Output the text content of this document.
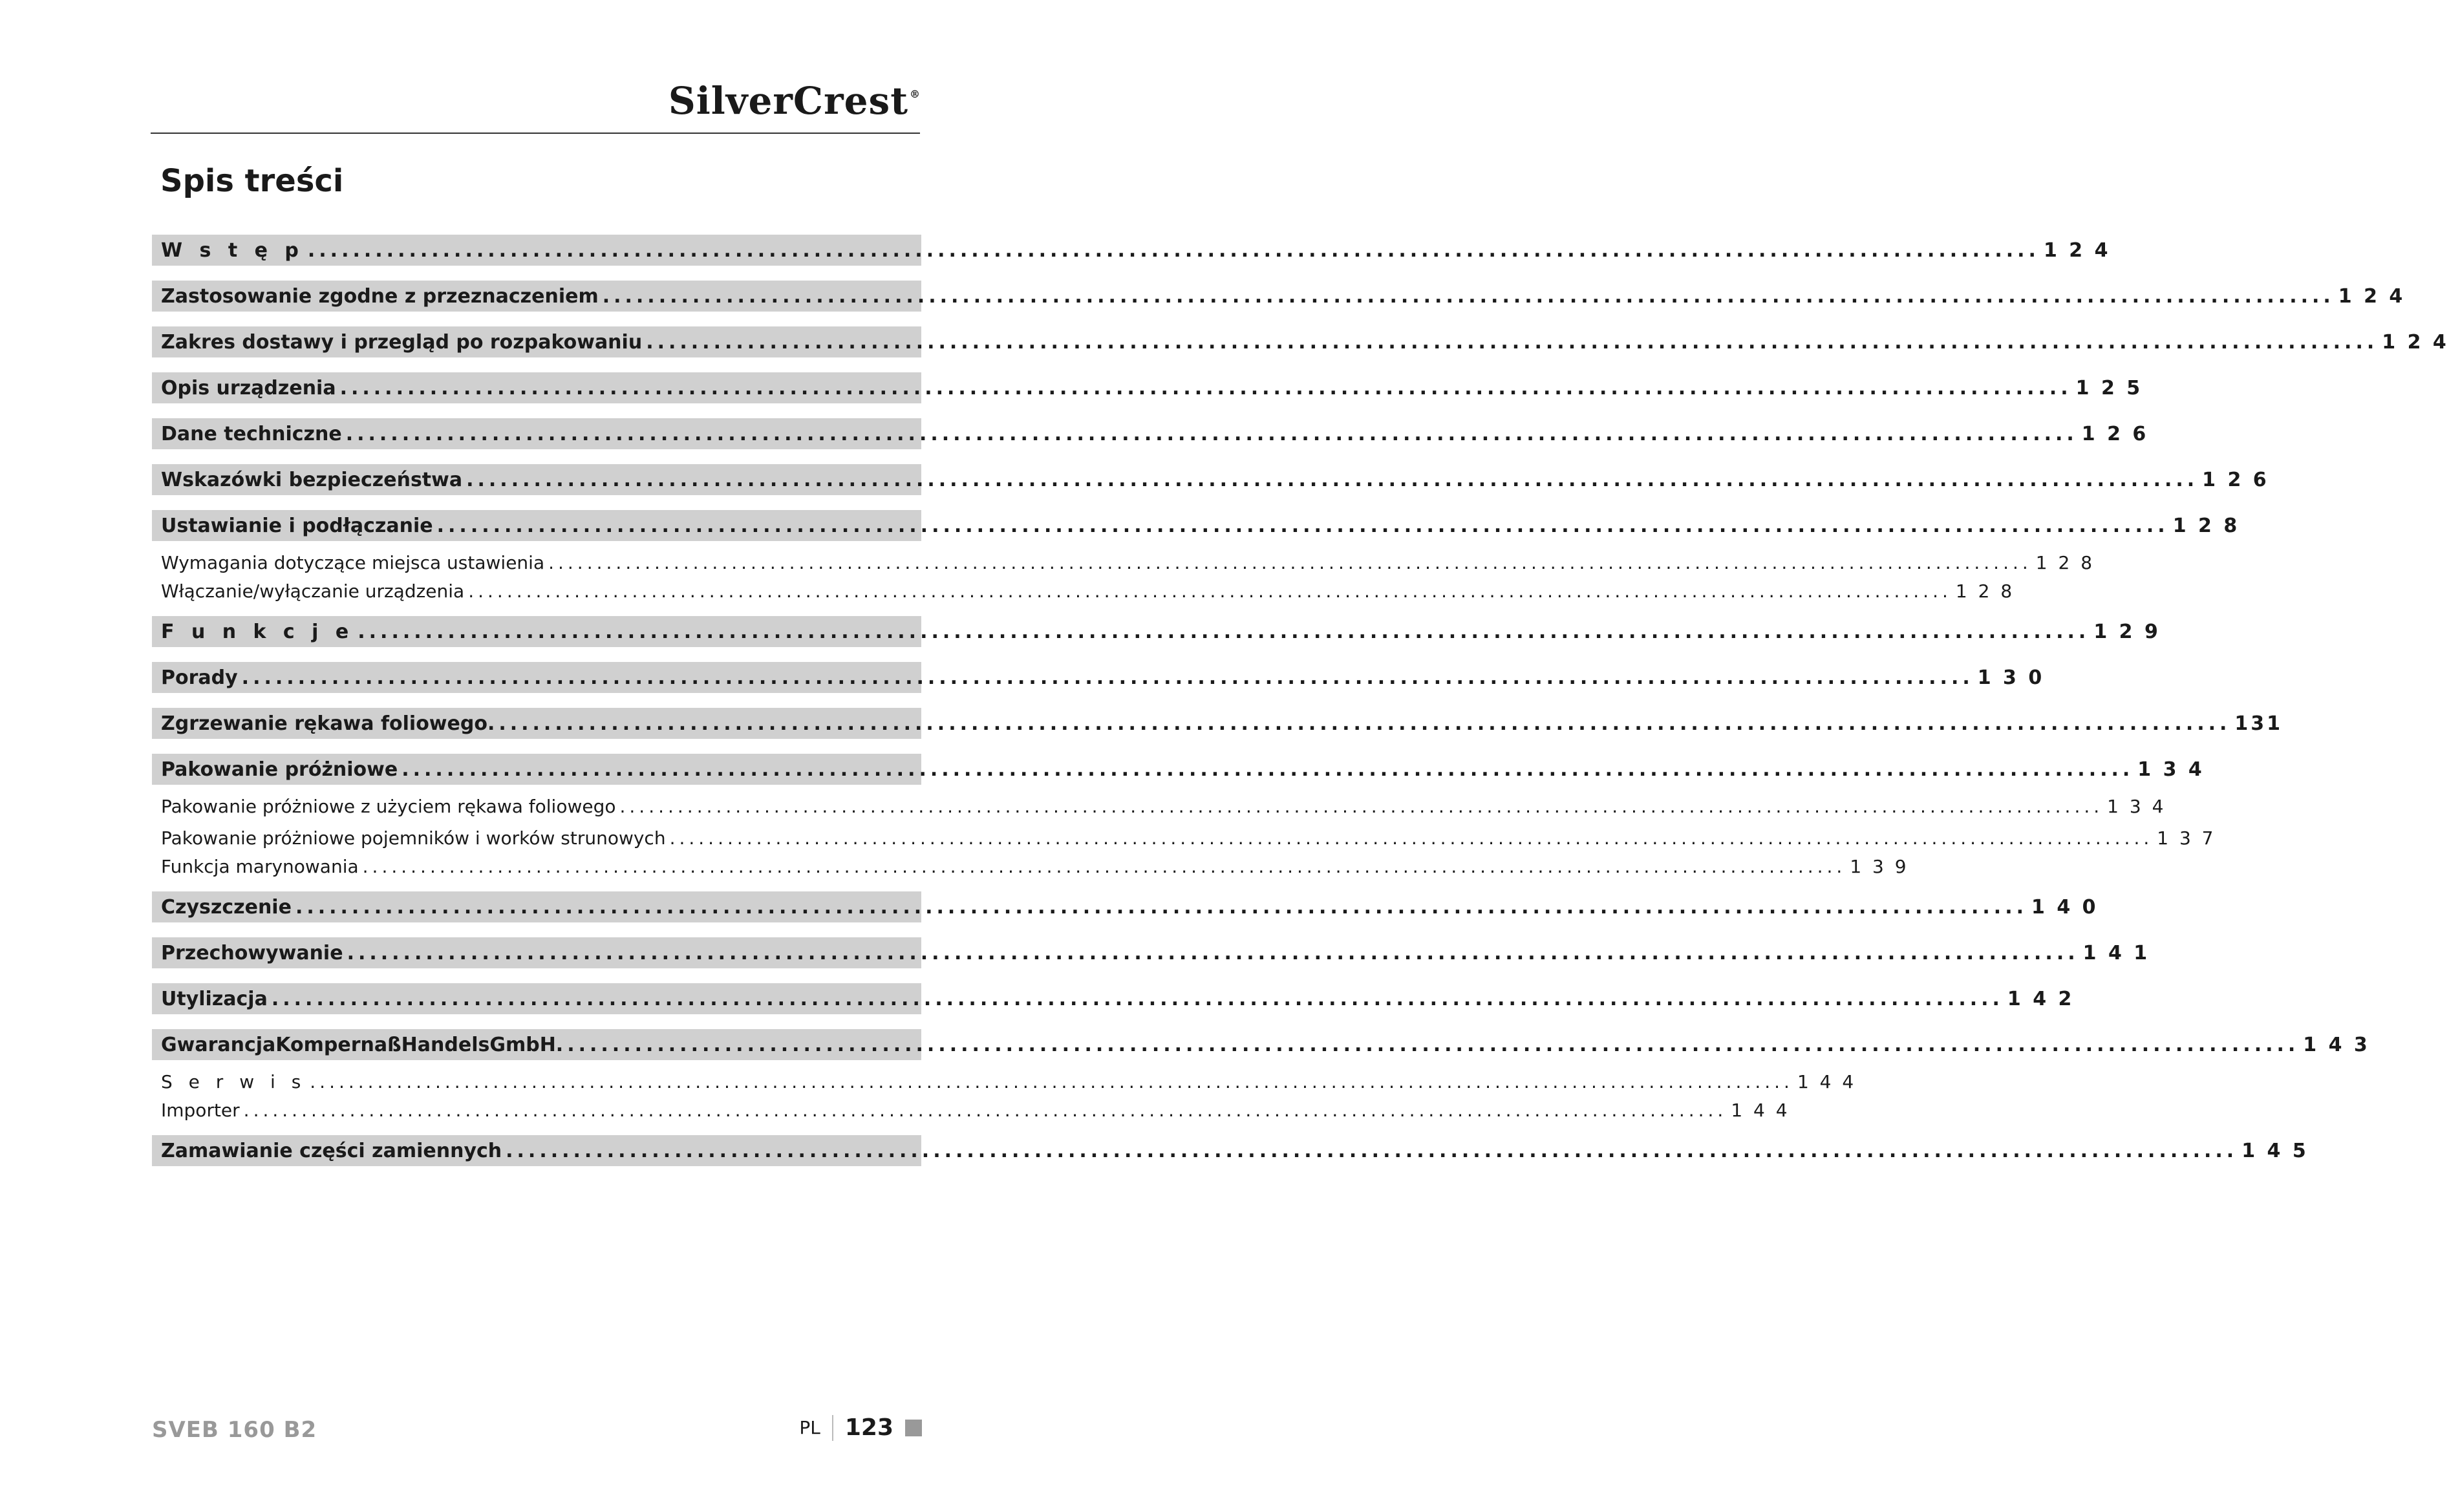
SilverCrest ®
Spis treści
W s t ę p .......................................................................................................................................................... 1 2 4
Zastosowanie zgodne z przeznaczeniem .......................................................................................................................................................... 1 2 4
Zakres dostawy i przegląd po rozpakowaniu .......................................................................................................................................................... 1 2 4
Opis urządzenia .......................................................................................................................................................... 1 2 5
Dane techniczne .......................................................................................................................................................... 1 2 6
Wskazówki bezpieczeństwa .......................................................................................................................................................... 1 2 6
Ustawianie i podłączanie .......................................................................................................................................................... 1 2 8
Wymagania dotyczące miejsca ustawienia .......................................................................................................................................................... 1 2 8
Włączanie/wyłączanie urządzenia .......................................................................................................................................................... 1 2 8
F u n k c j e .......................................................................................................................................................... 1 2 9
Porady .......................................................................................................................................................... 1 3 0
Zgrzewanie rękawa foliowego. .......................................................................................................................................................... 131
Pakowanie próżniowe .......................................................................................................................................................... 1 3 4
Pakowanie próżniowe z użyciem rękawa foliowego .......................................................................................................................................................... 1 3 4
Pakowanie próżniowe pojemników i worków strunowych .......................................................................................................................................................... 1 3 7
Funkcja marynowania .......................................................................................................................................................... 1 3 9
Czyszczenie .......................................................................................................................................................... 1 4 0
Przechowywanie .......................................................................................................................................................... 1 4 1
Utylizacja .......................................................................................................................................................... 1 4 2
GwarancjaKompernaßHandelsGmbH. .......................................................................................................................................................... 1 4 3
S e r w i s .......................................................................................................................................................... 1 4 4
Importer .......................................................................................................................................................... 1 4 4
Zamawianie części zamiennych .......................................................................................................................................................... 1 4 5
SVEB 160 B2	PL 123
